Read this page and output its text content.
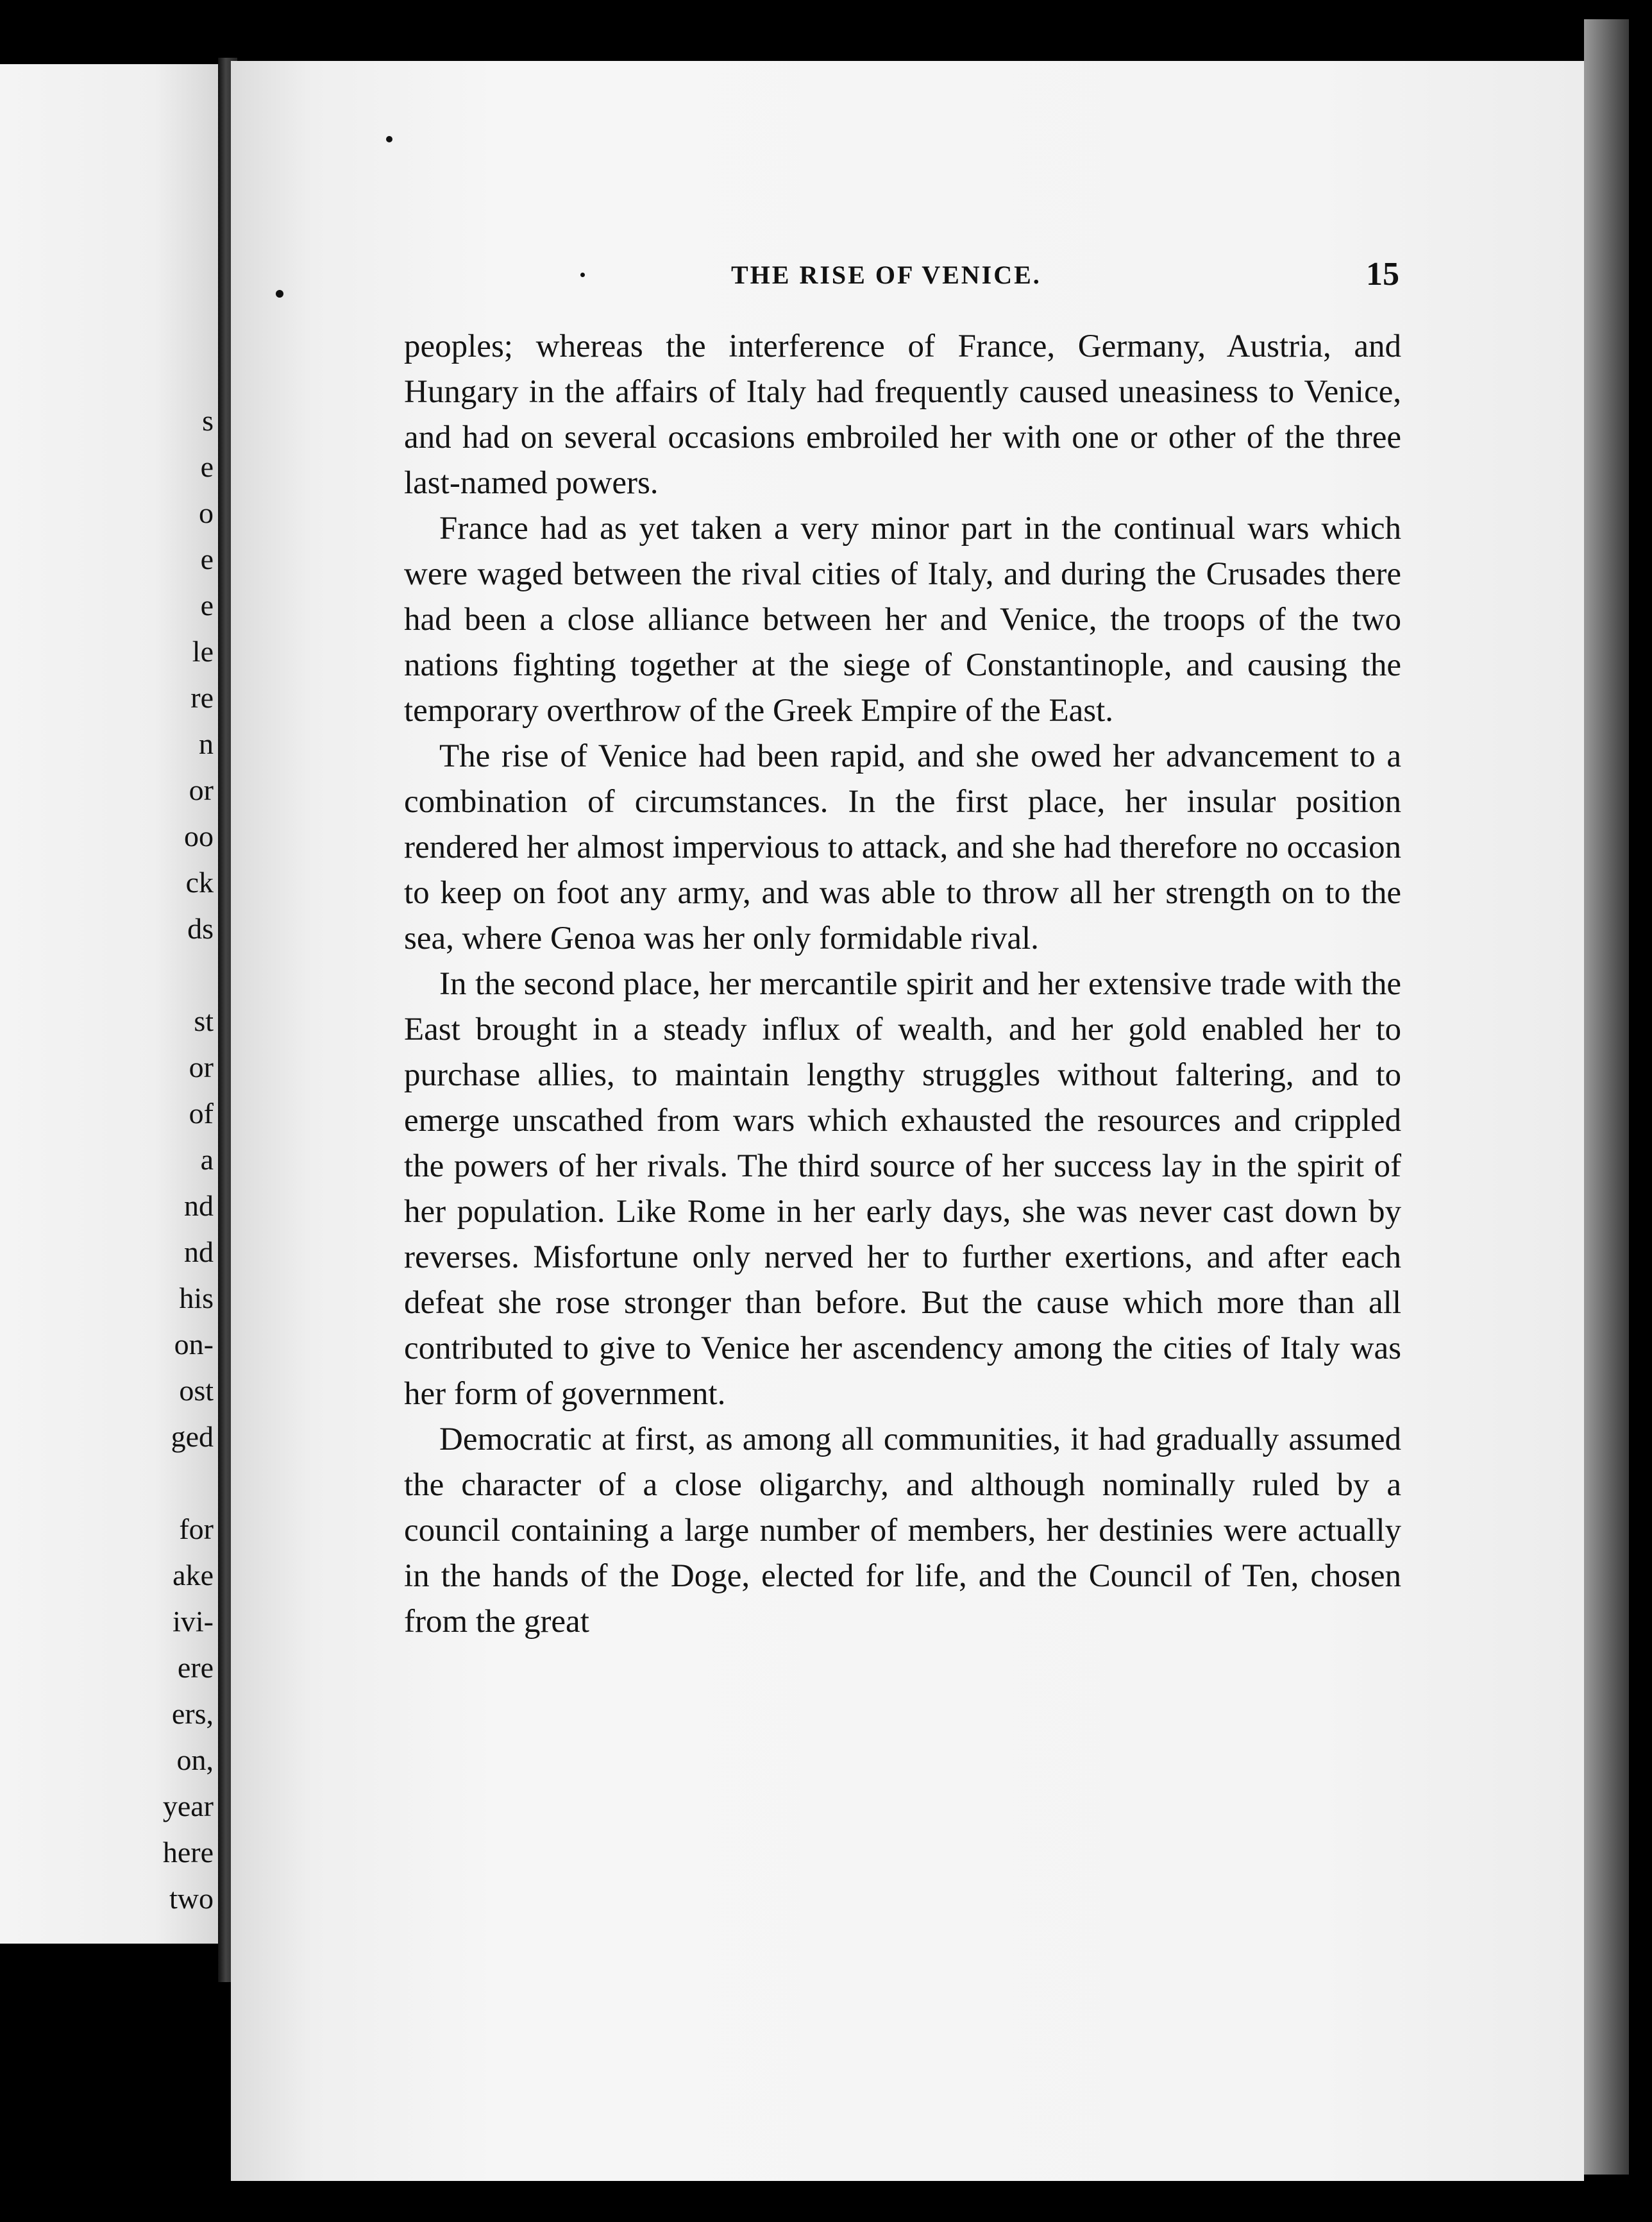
s
e
o
e
e
le
re
n
or
oo
ck
ds
st
or
of
a
nd
nd
his
on-
ost
ged
for
ake
ivi-
ere
ers,
on,
year
here
two
THE RISE OF VENICE.	15

peoples; whereas the interference of France, Germany, Austria, and Hungary in the affairs of Italy had frequently caused uneasiness to Venice, and had on several occasions embroiled her with one or other of the three last-named powers.

France had as yet taken a very minor part in the continual wars which were waged between the rival cities of Italy, and during the Crusades there had been a close alliance between her and Venice, the troops of the two nations fighting together at the siege of Constantinople, and causing the temporary overthrow of the Greek Empire of the East.

The rise of Venice had been rapid, and she owed her advancement to a combination of circumstances. In the first place, her insular position rendered her almost impervious to attack, and she had therefore no occasion to keep on foot any army, and was able to throw all her strength on to the sea, where Genoa was her only formidable rival.

In the second place, her mercantile spirit and her extensive trade with the East brought in a steady influx of wealth, and her gold enabled her to purchase allies, to maintain lengthy struggles without faltering, and to emerge unscathed from wars which exhausted the resources and crippled the powers of her rivals. The third source of her success lay in the spirit of her population. Like Rome in her early days, she was never cast down by reverses. Misfortune only nerved her to further exertions, and after each defeat she rose stronger than before. But the cause which more than all contributed to give to Venice her ascendency among the cities of Italy was her form of government.

Democratic at first, as among all communities, it had gradually assumed the character of a close oligarchy, and although nominally ruled by a council containing a large number of members, her destinies were actually in the hands of the Doge, elected for life, and the Council of Ten, chosen from the great
